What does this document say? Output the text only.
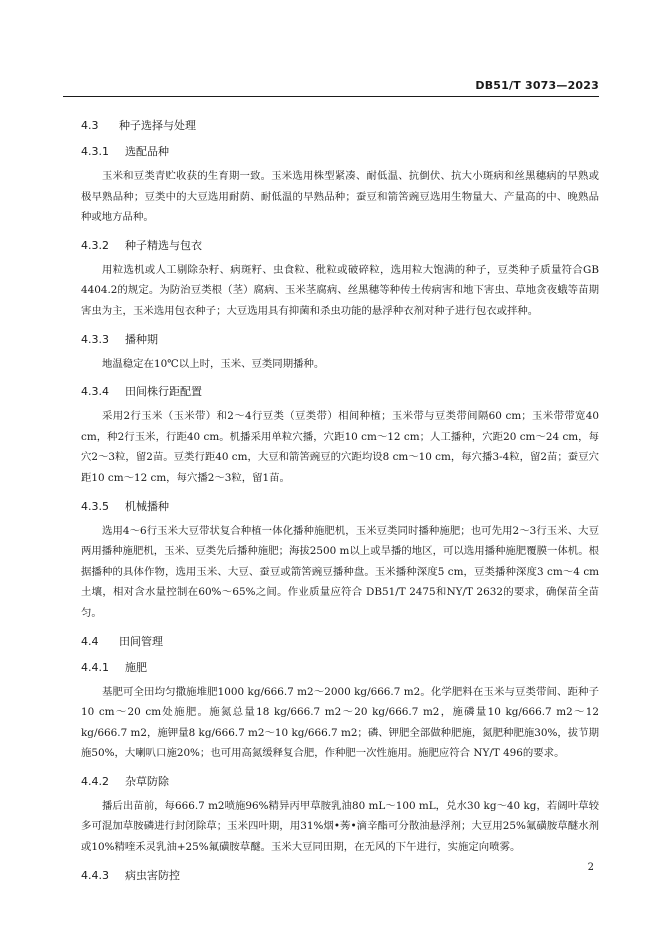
DB51/T 3073—2023
4.3 种子选择与处理
4.3.1 选配品种

玉米和豆类青贮收获的生育期一致。玉米选用株型紧凑、耐低温、抗倒伏、抗大小斑病和丝黑穗病的早熟或极早熟品种；豆类中的大豆选用耐荫、耐低温的早熟品种；蚕豆和箭筈豌豆选用生物量大、产量高的中、晚熟品种或地方品种。

4.3.2 种子精选与包衣

用粒选机或人工剔除杂籽、病斑籽、虫食粒、秕粒或破碎粒，选用粒大饱满的种子，豆类种子质量符合GB 4404.2的规定。为防治豆类根（茎）腐病、玉米茎腐病、丝黑穗等种传土传病害和地下害虫、草地贪夜蛾等苗期害虫为主，玉米选用包衣种子；大豆选用具有抑菌和杀虫功能的悬浮种衣剂对种子进行包衣或拌种。

4.3.3 播种期

地温稳定在10℃以上时，玉米、豆类同期播种。

4.3.4 田间株行距配置

采用2行玉米（玉米带）和2～4行豆类（豆类带）相间种植；玉米带与豆类带间隔60 cm；玉米带带宽40 cm，种2行玉米，行距40 cm。机播采用单粒穴播，穴距10 cm～12 cm；人工播种，穴距20 cm～24 cm，每穴2～3粒，留2苗。豆类行距40 cm，大豆和箭筈豌豆的穴距均设8 cm～10 cm，每穴播3-4粒，留2苗；蚕豆穴距10 cm～12 cm，每穴播2～3粒，留1苗。

4.3.5 机械播种

选用4～6行玉米大豆带状复合种植一体化播种施肥机，玉米豆类同时播种施肥；也可先用2～3行玉米、大豆两用播种施肥机，玉米、豆类先后播种施肥；海拔2500 m以上或旱播的地区，可以选用播种施肥覆膜一体机。根据播种的具体作物，选用玉米、大豆、蚕豆或箭筈豌豆播种盘。玉米播种深度5 cm，豆类播种深度3 cm～4 cm土壤，相对含水量控制在60%～65%之间。作业质量应符合 DB51/T 2475和NY/T 2632的要求，确保苗全苗匀。

4.4 田间管理
4.4.1 施肥

基肥可全田均匀撒施堆肥1000 kg/666.7 m2～2000 kg/666.7 m2。化学肥料在玉米与豆类带间、距种子10 cm～20 cm处施肥。施氮总量18 kg/666.7 m2～20 kg/666.7 m2，施磷量10 kg/666.7 m2～12 kg/666.7 m2，施钾量8 kg/666.7 m2～10 kg/666.7 m2；磷、钾肥全部做种肥施，氮肥种肥施30%，拔节期施50%，大喇叭口施20%；也可用高氮缓释复合肥，作种肥一次性施用。施肥应符合 NY/T 496的要求。

4.4.2 杂草防除

播后出苗前，每666.7 m2喷施96%精异丙甲草胺乳油80 mL～100 mL，兑水30 kg～40 kg，若阔叶草较多可混加草胺磷进行封闭除草；玉米四叶期，用31%烟•莠•滴辛酯可分散油悬浮剂；大豆用25%氟磺胺草醚水剂或10%精喹禾灵乳油+25%氟磺胺草醚。玉米大豆同田期，在无风的下午进行，实施定向喷雾。

4.4.3 病虫害防控
2
